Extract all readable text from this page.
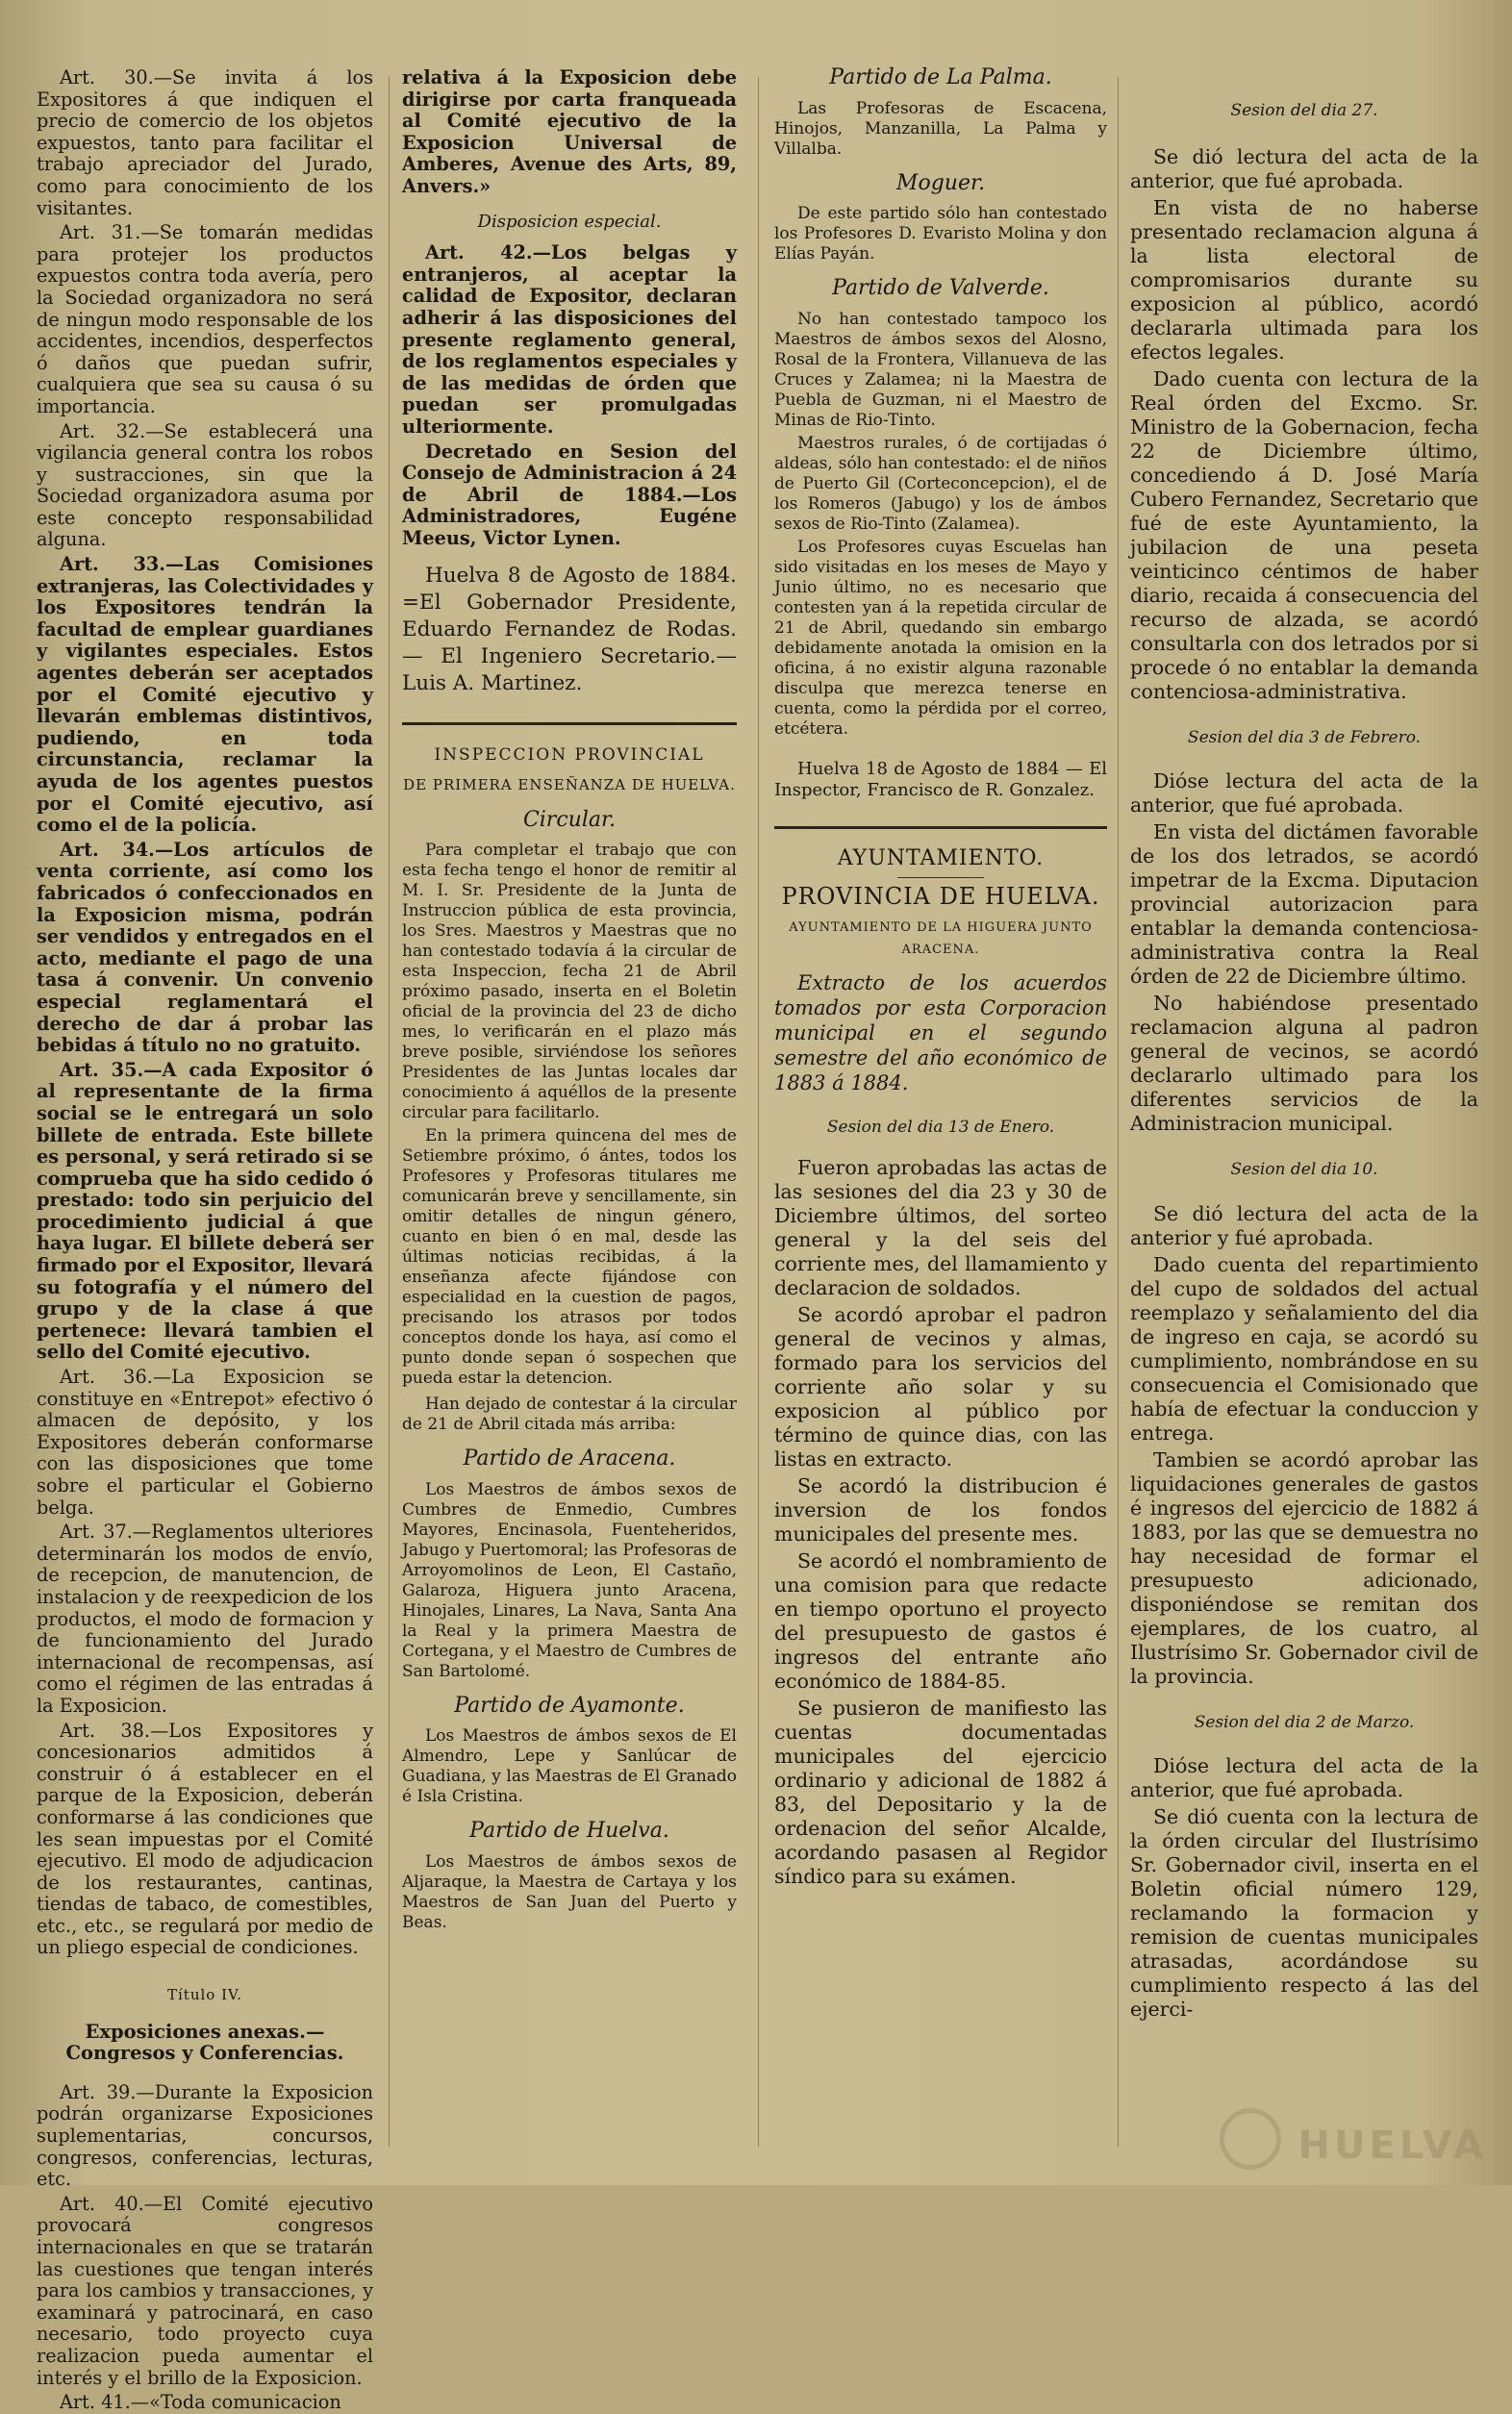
Art. 30.—Se invita á los Expositores á que indiquen el precio de comercio de los objetos expuestos, tanto para facilitar el trabajo apreciador del Jurado, como para conocimiento de los visitantes.

Art. 31.—Se tomarán medidas para protejer los productos expuestos contra toda avería, pero la Sociedad organizadora no será de ningun modo responsable de los accidentes, incendios, desperfectos ó daños que puedan sufrir, cualquiera que sea su causa ó su importancia.

Art. 32.—Se establecerá una vigilancia general contra los robos y sustracciones, sin que la Sociedad organizadora asuma por este concepto responsabilidad alguna.

Art. 33.—Las Comisiones extranjeras, las Colectividades y los Expositores tendrán la facultad de emplear guardianes y vigilantes especiales. Estos agentes deberán ser aceptados por el Comité ejecutivo y llevarán emblemas distintivos, pudiendo, en toda circunstancia, reclamar la ayuda de los agentes puestos por el Comité ejecutivo, así como el de la policía.

Art. 34.—Los artículos de venta corriente, así como los fabricados ó confeccionados en la Exposicion misma, podrán ser vendidos y entregados en el acto, mediante el pago de una tasa á convenir. Un convenio especial reglamentará el derecho de dar á probar las bebidas á título no no gratuito.

Art. 35.—A cada Expositor ó al representante de la firma social se le entregará un solo billete de entrada. Este billete es personal, y será retirado si se comprueba que ha sido cedido ó prestado: todo sin perjuicio del procedimiento judicial á que haya lugar. El billete deberá ser firmado por el Expositor, llevará su fotografía y el número del grupo y de la clase á que pertenece: llevará tambien el sello del Comité ejecutivo.

Art. 36.—La Exposicion se constituye en «Entrepot» efectivo ó almacen de depósito, y los Expositores deberán conformarse con las disposiciones que tome sobre el particular el Gobierno belga.

Art. 37.—Reglamentos ulteriores determinarán los modos de envío, de recepcion, de manutencion, de instalacion y de reexpedicion de los productos, el modo de formacion y de funcionamiento del Jurado internacional de recompensas, así como el régimen de las entradas á la Exposicion.

Art. 38.—Los Expositores y concesionarios admitidos á construir ó á establecer en el parque de la Exposicion, deberán conformarse á las condiciones que les sean impuestas por el Comité ejecutivo. El modo de adjudicacion de los restaurantes, cantinas, tiendas de tabaco, de comestibles, etc., etc., se regulará por medio de un pliego especial de condiciones.

Título IV.

Exposiciones anexas.—Congresos y Conferencias.

Art. 39.—Durante la Exposicion podrán organizarse Exposiciones suplementarias, concursos, congresos, conferencias, lecturas, etc.

Art. 40.—El Comité ejecutivo provocará congresos internacionales en que se tratarán las cuestiones que tengan interés para los cambios y transacciones, y examinará y patrocinará, en caso necesario, todo proyecto cuya realizacion pueda aumentar el interés y el brillo de la Exposicion.

Art. 41.—«Toda comunicacion

relativa á la Exposicion debe dirigirse por carta franqueada al Comité ejecutivo de la Exposicion Universal de Amberes, Avenue des Arts, 89, Anvers.»

Disposicion especial.

Art. 42.—Los belgas y entranjeros, al aceptar la calidad de Expositor, declaran adherir á las disposiciones del presente reglamento general, de los reglamentos especiales y de las medidas de órden que puedan ser promulgadas ulteriormente.

Decretado en Sesion del Consejo de Administracion á 24 de Abril de 1884.—Los Administradores, Eugéne Meeus, Victor Lynen.

Huelva 8 de Agosto de 1884. =El Gobernador Presidente, Eduardo Fernandez de Rodas.— El Ingeniero Secretario.—Luis A. Martinez.

INSPECCION PROVINCIAL

DE PRIMERA ENSEÑANZA DE HUELVA.

Circular.

Para completar el trabajo que con esta fecha tengo el honor de remitir al M. I. Sr. Presidente de la Junta de Instruccion pública de esta provincia, los Sres. Maestros y Maestras que no han contestado todavía á la circular de esta Inspeccion, fecha 21 de Abril próximo pasado, inserta en el Boletin oficial de la provincia del 23 de dicho mes, lo verificarán en el plazo más breve posible, sirviéndose los señores Presidentes de las Juntas locales dar conocimiento á aquéllos de la presente circular para facilitarlo.

En la primera quincena del mes de Setiembre próximo, ó ántes, todos los Profesores y Profesoras titulares me comunicarán breve y sencillamente, sin omitir detalles de ningun género, cuanto en bien ó en mal, desde las últimas noticias recibidas, á la enseñanza afecte fijándose con especialidad en la cuestion de pagos, precisando los atrasos por todos conceptos donde los haya, así como el punto donde sepan ó sospechen que pueda estar la detencion.

Han dejado de contestar á la circular de 21 de Abril citada más arriba:

Partido de Aracena.

Los Maestros de ámbos sexos de Cumbres de Enmedio, Cumbres Mayores, Encinasola, Fuenteheridos, Jabugo y Puertomoral; las Profesoras de Arroyomolinos de Leon, El Castaño, Galaroza, Higuera junto Aracena, Hinojales, Linares, La Nava, Santa Ana la Real y la primera Maestra de Cortegana, y el Maestro de Cumbres de San Bartolomé.

Partido de Ayamonte.

Los Maestros de ámbos sexos de El Almendro, Lepe y Sanlúcar de Guadiana, y las Maestras de El Granado é Isla Cristina.

Partido de Huelva.

Los Maestros de ámbos sexos de Aljaraque, la Maestra de Cartaya y los Maestros de San Juan del Puerto y Beas.

Partido de La Palma.

Las Profesoras de Escacena, Hinojos, Manzanilla, La Palma y Villalba.

Moguer.

De este partido sólo han contestado los Profesores D. Evaristo Molina y don Elías Payán.

Partido de Valverde.

No han contestado tampoco los Maestros de ámbos sexos del Alosno, Rosal de la Frontera, Villanueva de las Cruces y Zalamea; ni la Maestra de Puebla de Guzman, ni el Maestro de Minas de Rio-Tinto.

Maestros rurales, ó de cortijadas ó aldeas, sólo han contestado: el de niños de Puerto Gil (Corteconcepcion), el de los Romeros (Jabugo) y los de ámbos sexos de Rio-Tinto (Zalamea).

Los Profesores cuyas Escuelas han sido visitadas en los meses de Mayo y Junio último, no es necesario que contesten yan á la repetida circular de 21 de Abril, quedando sin embargo debidamente anotada la omision en la oficina, á no existir alguna razonable disculpa que merezca tenerse en cuenta, como la pérdida por el correo, etcétera.

Huelva 18 de Agosto de 1884 — El Inspector, Francisco de R. Gonzalez.

AYUNTAMIENTO.

PROVINCIA DE HUELVA.

AYUNTAMIENTO DE LA HIGUERA JUNTO ARACENA.

Extracto de los acuerdos tomados por esta Corporacion municipal en el segundo semestre del año económico de 1883 á 1884.

Sesion del dia 13 de Enero.

Fueron aprobadas las actas de las sesiones del dia 23 y 30 de Diciembre últimos, del sorteo general y la del seis del corriente mes, del llamamiento y declaracion de soldados.

Se acordó aprobar el padron general de vecinos y almas, formado para los servicios del corriente año solar y su exposicion al público por término de quince dias, con las listas en extracto.

Se acordó la distribucion é inversion de los fondos municipales del presente mes.

Se acordó el nombramiento de una comision para que redacte en tiempo oportuno el proyecto del presupuesto de gastos é ingresos del entrante año económico de 1884-85.

Se pusieron de manifiesto las cuentas documentadas municipales del ejercicio ordinario y adicional de 1882 á 83, del Depositario y la de ordenacion del señor Alcalde, acordando pasasen al Regidor síndico para su exámen.

Sesion del dia 27.

Se dió lectura del acta de la anterior, que fué aprobada.

En vista de no haberse presentado reclamacion alguna á la lista electoral de compromisarios durante su exposicion al público, acordó declararla ultimada para los efectos legales.

Dado cuenta con lectura de la Real órden del Excmo. Sr. Ministro de la Gobernacion, fecha 22 de Diciembre último, concediendo á D. José María Cubero Fernandez, Secretario que fué de este Ayuntamiento, la jubilacion de una peseta veinticinco céntimos de haber diario, recaida á consecuencia del recurso de alzada, se acordó consultarla con dos letrados por si procede ó no entablar la demanda contenciosa-administrativa.

Sesion del dia 3 de Febrero.

Dióse lectura del acta de la anterior, que fué aprobada.

En vista del dictámen favorable de los dos letrados, se acordó impetrar de la Excma. Diputacion provincial autorizacion para entablar la demanda contenciosa-administrativa contra la Real órden de 22 de Diciembre último.

No habiéndose presentado reclamacion alguna al padron general de vecinos, se acordó declararlo ultimado para los diferentes servicios de la Administracion municipal.

Sesion del dia 10.

Se dió lectura del acta de la anterior y fué aprobada.

Dado cuenta del repartimiento del cupo de soldados del actual reemplazo y señalamiento del dia de ingreso en caja, se acordó su cumplimiento, nombrándose en su consecuencia el Comisionado que había de efectuar la conduccion y entrega.

Tambien se acordó aprobar las liquidaciones generales de gastos é ingresos del ejercicio de 1882 á 1883, por las que se demuestra no hay necesidad de formar el presupuesto adicionado, disponiéndose se remitan dos ejemplares, de los cuatro, al Ilustrísimo Sr. Gobernador civil de la provincia.

Sesion del dia 2 de Marzo.

Dióse lectura del acta de la anterior, que fué aprobada.

Se dió cuenta con la lectura de la órden circular del Ilustrísimo Sr. Gobernador civil, inserta en el Boletin oficial número 129, reclamando la formacion y remision de cuentas municipales atrasadas, acordándose su cumplimiento respecto á las del ejerci-

HUELVA
